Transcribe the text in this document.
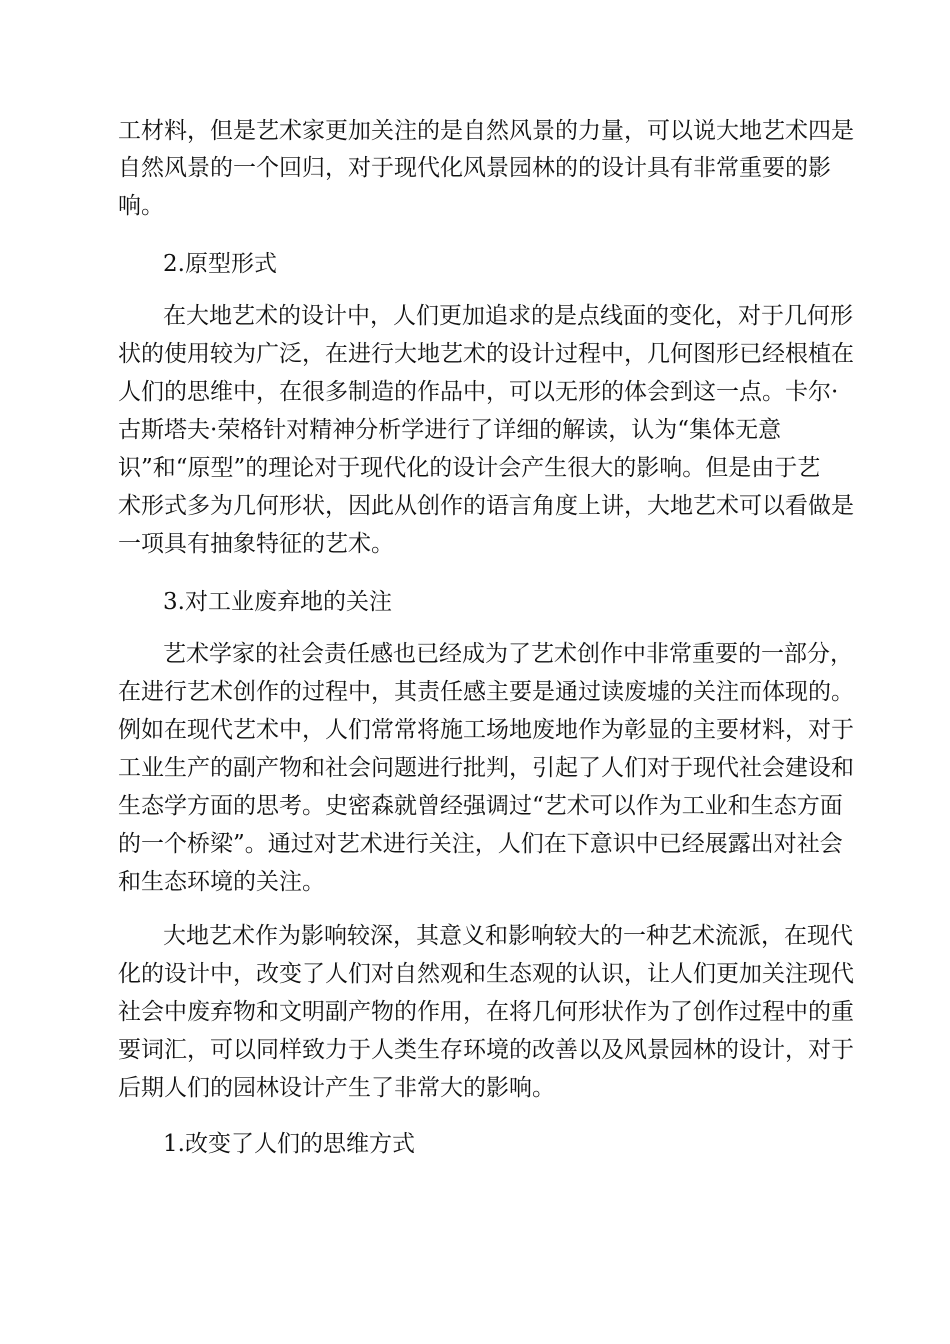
工材料，但是艺术家更加关注的是自然风景的力量，可以说大地艺术四是
自然风景的一个回归，对于现代化风景园林的的设计具有非常重要的影
响。
2.原型形式
在大地艺术的设计中，人们更加追求的是点线面的变化，对于几何形
状的使用较为广泛，在进行大地艺术的设计过程中，几何图形已经根植在
人们的思维中，在很多制造的作品中，可以无形的体会到这一点。卡尔·
古斯塔夫·荣格针对精神分析学进行了详细的解读，认为“集体无意
识”和“原型”的理论对于现代化的设计会产生很大的影响。但是由于艺
术形式多为几何形状，因此从创作的语言角度上讲，大地艺术可以看做是
一项具有抽象特征的艺术。
3.对工业废弃地的关注
艺术学家的社会责任感也已经成为了艺术创作中非常重要的一部分，
在进行艺术创作的过程中，其责任感主要是通过读废墟的关注而体现的。
例如在现代艺术中，人们常常将施工场地废地作为彰显的主要材料，对于
工业生产的副产物和社会问题进行批判，引起了人们对于现代社会建设和
生态学方面的思考。史密森就曾经强调过“艺术可以作为工业和生态方面
的一个桥梁”。通过对艺术进行关注，人们在下意识中已经展露出对社会
和生态环境的关注。
大地艺术作为影响较深，其意义和影响较大的一种艺术流派，在现代
化的设计中，改变了人们对自然观和生态观的认识，让人们更加关注现代
社会中废弃物和文明副产物的作用，在将几何形状作为了创作过程中的重
要词汇，可以同样致力于人类生存环境的改善以及风景园林的设计，对于
后期人们的园林设计产生了非常大的影响。
1.改变了人们的思维方式
